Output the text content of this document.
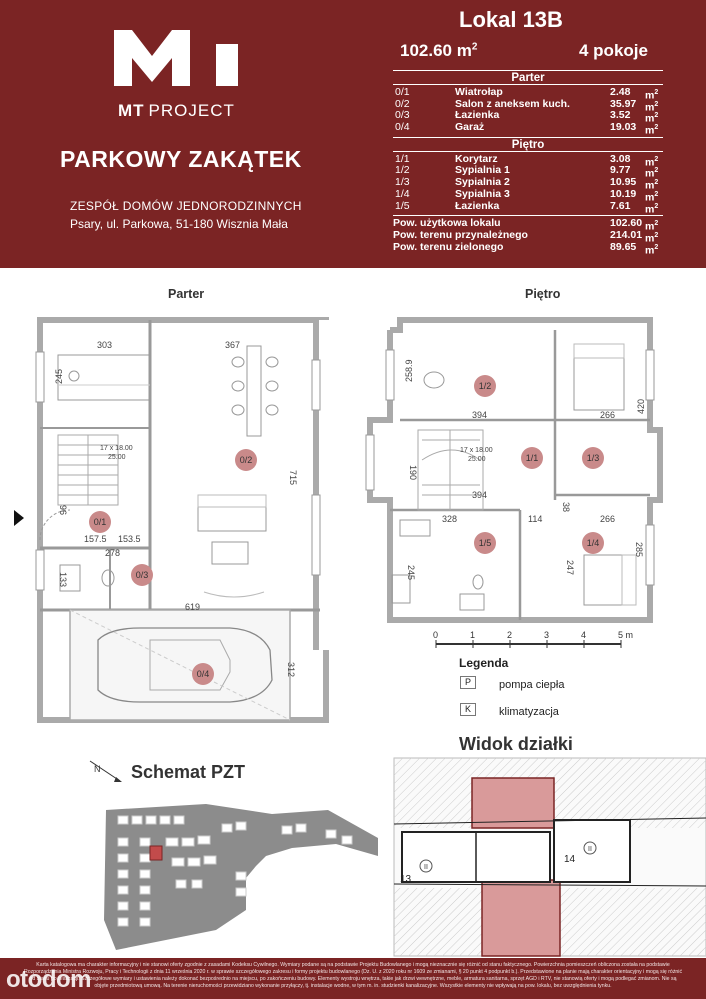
MT PROJECT
PARKOWY ZAKĄTEK
ZESPÓŁ DOMÓW JEDNORODZINNYCH
Psary, ul. Parkowa, 51-180 Wisznia Mała
Lokal 13B
102.60 $m^2$	4 pokoje
Parter
0/1	Wiatrołap	2.48 $m^2$
0/2	Salon z aneksem kuch.	35.97 $m^2$
0/3	Łazienka	3.52 $m^2$
0/4	Garaż	19.03 $m^2$
Piętro
1/1	Korytarz	3.08 $m^2$
1/2	Sypialnia 1	9.77 $m^2$
1/3	Sypialnia 2	10.95 $m^2$
1/4	Sypialnia 3	10.19 $m^2$
1/5	Łazienka	7.61 $m^2$
Pow. użytkowa lokalu	102.60 $m^2$
Pow. terenu przynależnego	214.01 $m^2$
Pow. terenu zielonego	89.65 $m^2$
Parter	Piętro
303	367
245
715
619
312
278
157.5 153.5
133
96
17 x 18.00
25.00
0/1
0/2
0/3
0/4
258.9
394	266
420
394
328	114	266
245	247
285
190
38
17 x 18.00
25.00	1/1
1/2
1/3
1/4
1/5
0	1	2	3	4	5 m
Legenda
P	pompa ciepła
K	klimatyzacja
Widok działki
II
II
13
14
N Schemat PZT
Karta katalogowa ma charakter informacyjny i nie stanowi oferty zgodnie z zasadami Kodeksu Cywilnego. Wymiary podane są na podstawie Projektu Budowlanego i mogą nieznacznie się różnić od stanu faktycznego. Powierzchnia pomieszczeń obliczona została na podstawie Rozporządzenia Ministra Rozwoju, Pracy i Technologii z dnia 11 września 2020 r. w sprawie szczegółowego zakresu i formy projektu budowlanego (Dz. U. z 2020 roku nr 1609 ze zmianami, § 20 punkt 4 podpunkt b.). Przedstawione na planie mają charakter orientacyjny i mogą się różnić od stanu po realizacji. Szczegółowe wymiary i ustawienia należy dokonać bezpośrednio na miejscu, po zakończeniu budowy. Elementy wystroju wnętrza, takie jak drzwi wewnętrzne, meble, armatura sanitarna, sprzęt AGD i RTV, nie stanowią oferty i mogą podlegać zmianom. Nie są objęte przedmiotową umową. Na terenie nieruchomości przewidziano wykonanie przyłączy, tj. instalacje wodne, w tym m. in. studzienki kanalizacyjne. Wszystkie elementy nie wpływają na pow. lokalu, bez uwzględnienia tynku.
otodom
